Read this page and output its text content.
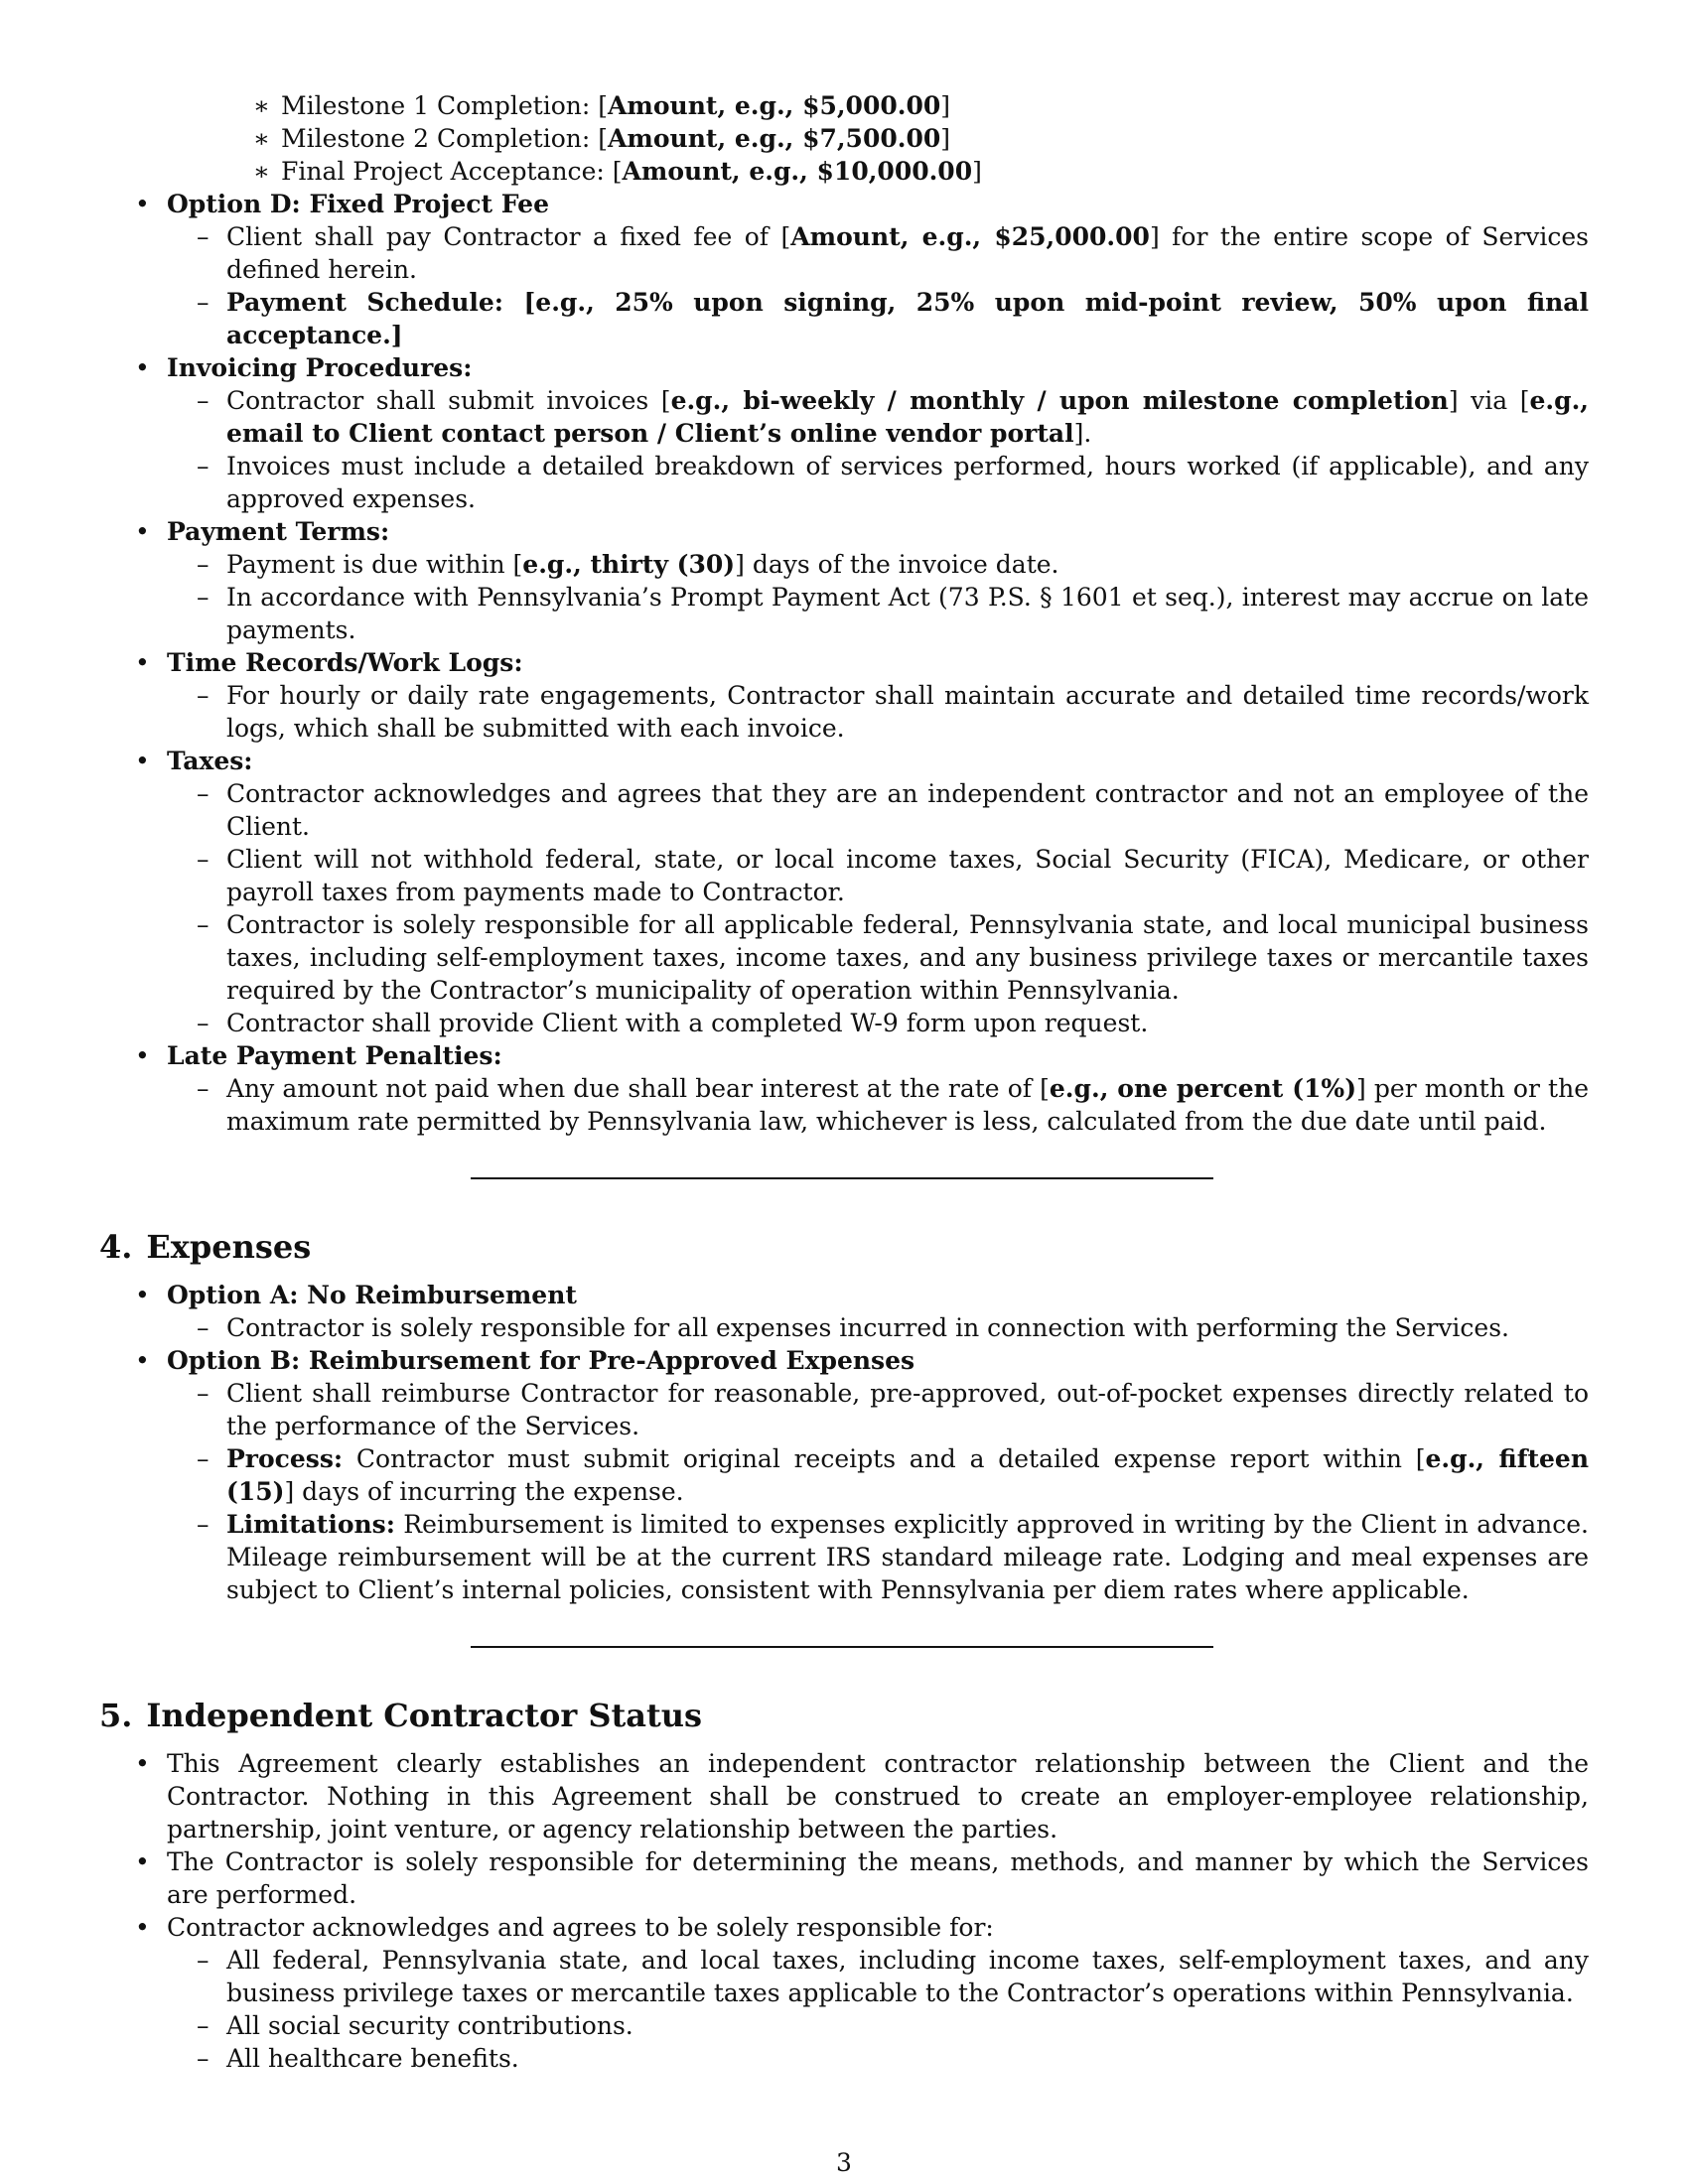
∗ Milestone 1 Completion: [Amount, e.g., $5,000.00]
∗ Milestone 2 Completion: [Amount, e.g., $7,500.00]
∗ Final Project Acceptance: [Amount, e.g., $10,000.00]
• Option D: Fixed Project Fee
– Client shall pay Contractor a fixed fee of [Amount, e.g., $25,000.00] for the entire scope of Services defined herein.
– Payment Schedule: [e.g., 25% upon signing, 25% upon mid-point review, 50% upon final acceptance.]
• Invoicing Procedures:
– Contractor shall submit invoices [e.g., bi-weekly / monthly / upon milestone completion] via [e.g., email to Client contact person / Client’s online vendor portal].
– Invoices must include a detailed breakdown of services performed, hours worked (if applicable), and any approved expenses.
• Payment Terms:
– Payment is due within [e.g., thirty (30)] days of the invoice date.
– In accordance with Pennsylvania’s Prompt Payment Act (73 P.S. § 1601 et seq.), interest may accrue on late payments.
• Time Records/Work Logs:
– For hourly or daily rate engagements, Contractor shall maintain accurate and detailed time records/work logs, which shall be submitted with each invoice.
• Taxes:
– Contractor acknowledges and agrees that they are an independent contractor and not an employee of the Client.
– Client will not withhold federal, state, or local income taxes, Social Security (FICA), Medicare, or other payroll taxes from payments made to Contractor.
– Contractor is solely responsible for all applicable federal, Pennsylvania state, and local municipal business taxes, including self-employment taxes, income taxes, and any business privilege taxes or mercantile taxes required by the Contractor’s municipality of operation within Pennsylvania.
– Contractor shall provide Client with a completed W-9 form upon request.
• Late Payment Penalties:
– Any amount not paid when due shall bear interest at the rate of [e.g., one percent (1%)] per month or the maximum rate permitted by Pennsylvania law, whichever is less, calculated from the due date until paid.
4. Expenses
• Option A: No Reimbursement
– Contractor is solely responsible for all expenses incurred in connection with performing the Services.
• Option B: Reimbursement for Pre-Approved Expenses
– Client shall reimburse Contractor for reasonable, pre-approved, out-of-pocket expenses directly related to the performance of the Services.
– Process: Contractor must submit original receipts and a detailed expense report within [e.g., fifteen (15)] days of incurring the expense.
– Limitations: Reimbursement is limited to expenses explicitly approved in writing by the Client in advance. Mileage reimbursement will be at the current IRS standard mileage rate. Lodging and meal expenses are subject to Client’s internal policies, consistent with Pennsylvania per diem rates where applicable.
5. Independent Contractor Status
• This Agreement clearly establishes an independent contractor relationship between the Client and the Contractor. Nothing in this Agreement shall be construed to create an employer-employee relationship, partnership, joint venture, or agency relationship between the parties.
• The Contractor is solely responsible for determining the means, methods, and manner by which the Services are performed.
• Contractor acknowledges and agrees to be solely responsible for:
– All federal, Pennsylvania state, and local taxes, including income taxes, self-employment taxes, and any business privilege taxes or mercantile taxes applicable to the Contractor’s operations within Pennsylvania.
– All social security contributions.
– All healthcare benefits.
3
